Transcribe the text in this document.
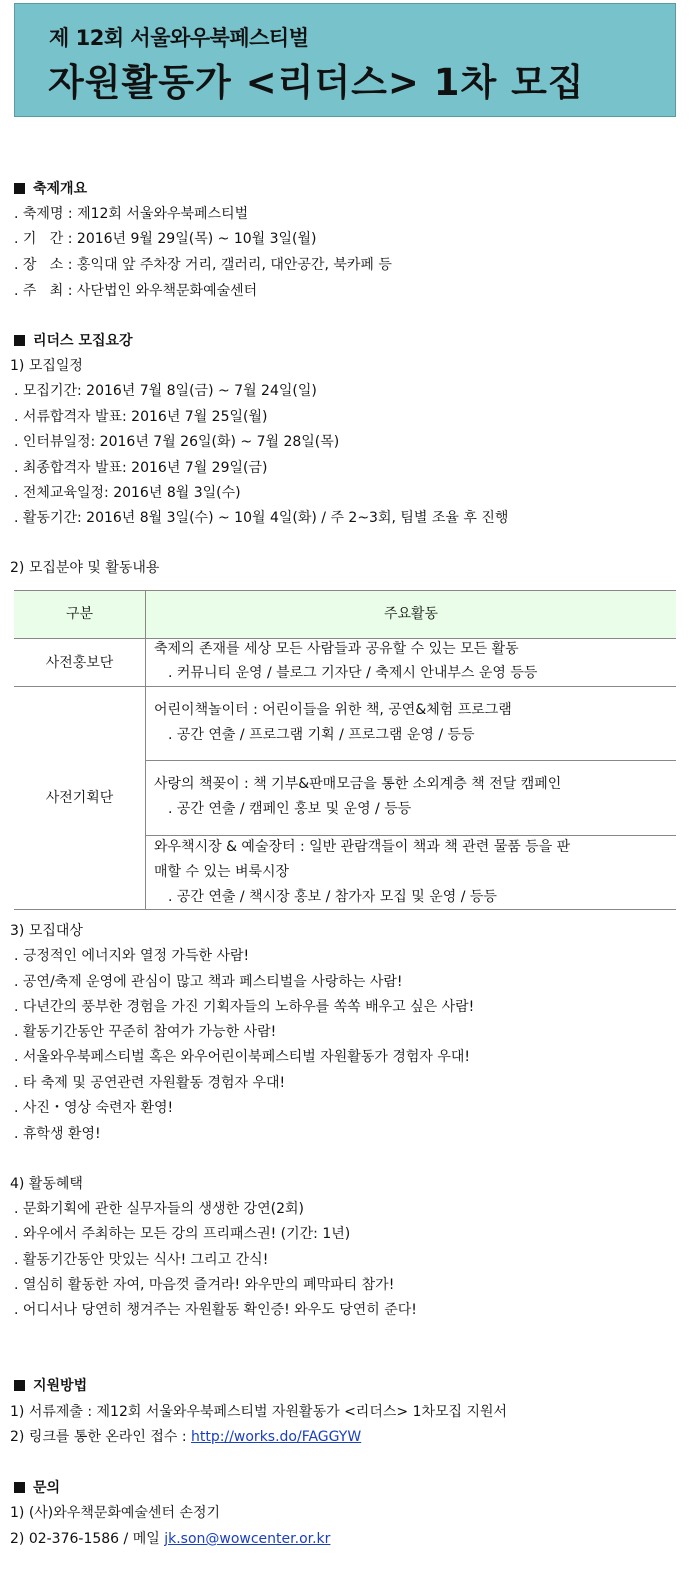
제 12회 서울와우북페스티벌
자원활동가 <리더스> 1차 모집
축제개요
. 축제명 : 제12회 서울와우북페스티벌
. 기   간 : 2016년 9월 29일(목) ~ 10월 3일(월)
. 장   소 : 홍익대 앞 주차장 거리, 갤러리, 대안공간, 북카페 등
. 주   최 : 사단법인 와우책문화예술센터
리더스 모집요강
1) 모집일정
. 모집기간: 2016년 7월 8일(금) ~ 7월 24일(일)
. 서류합격자 발표: 2016년 7월 25일(월)
. 인터뷰일정: 2016년 7월 26일(화) ~ 7월 28일(목)
. 최종합격자 발표: 2016년 7월 29일(금)
. 전체교육일정: 2016년 8월 3일(수)
. 활동기간: 2016년 8월 3일(수) ~ 10월 4일(화) / 주 2~3회, 팀별 조율 후 진행
2) 모집분야 및 활동내용
구분	주요활동
사전홍보단
축제의 존재를 세상 모든 사람들과 공유할 수 있는 모든 활동
. 커뮤니티 운영 / 블로그 기자단 / 축제시 안내부스 운영 등등
사전기획단
어린이책놀이터 : 어린이들을 위한 책, 공연&체험 프로그램
. 공간 연출 / 프로그램 기획 / 프로그램 운영 / 등등
사랑의 책꽂이 : 책 기부&판매모금을 통한 소외계층 책 전달 캠페인
. 공간 연출 / 캠페인 홍보 및 운영 / 등등
와우책시장 & 예술장터 : 일반 관람객들이 책과 책 관련 물품 등을 판
매할 수 있는 벼룩시장
. 공간 연출 / 책시장 홍보 / 참가자 모집 및 운영 / 등등
3) 모집대상
. 긍정적인 에너지와 열정 가득한 사람!
. 공연/축제 운영에 관심이 많고 책과 페스티벌을 사랑하는 사람!
. 다년간의 풍부한 경험을 가진 기획자들의 노하우를 쏙쏙 배우고 싶은 사람!
. 활동기간동안 꾸준히 참여가 가능한 사람!
. 서울와우북페스티벌 혹은 와우어린이북페스티벌 자원활동가 경험자 우대!
. 타 축제 및 공연관련 자원활동 경험자 우대!
. 사진・영상 숙련자 환영!
. 휴학생 환영!
4) 활동혜택
. 문화기획에 관한 실무자들의 생생한 강연(2회)
. 와우에서 주최하는 모든 강의 프리패스권! (기간: 1년)
. 활동기간동안 맛있는 식사! 그리고 간식!
. 열심히 활동한 자여, 마음껏 즐겨라! 와우만의 폐막파티 참가!
. 어디서나 당연히 챙겨주는 자원활동 확인증! 와우도 당연히 준다!
지원방법
1) 서류제출 : 제12회 서울와우북페스티벌 자원활동가 <리더스> 1차모집 지원서
2) 링크를 통한 온라인 접수 : http://works.do/FAGGYW
문의
1) (사)와우책문화예술센터 손정기
2) 02-376-1586 / 메일 jk.son@wowcenter.or.kr
